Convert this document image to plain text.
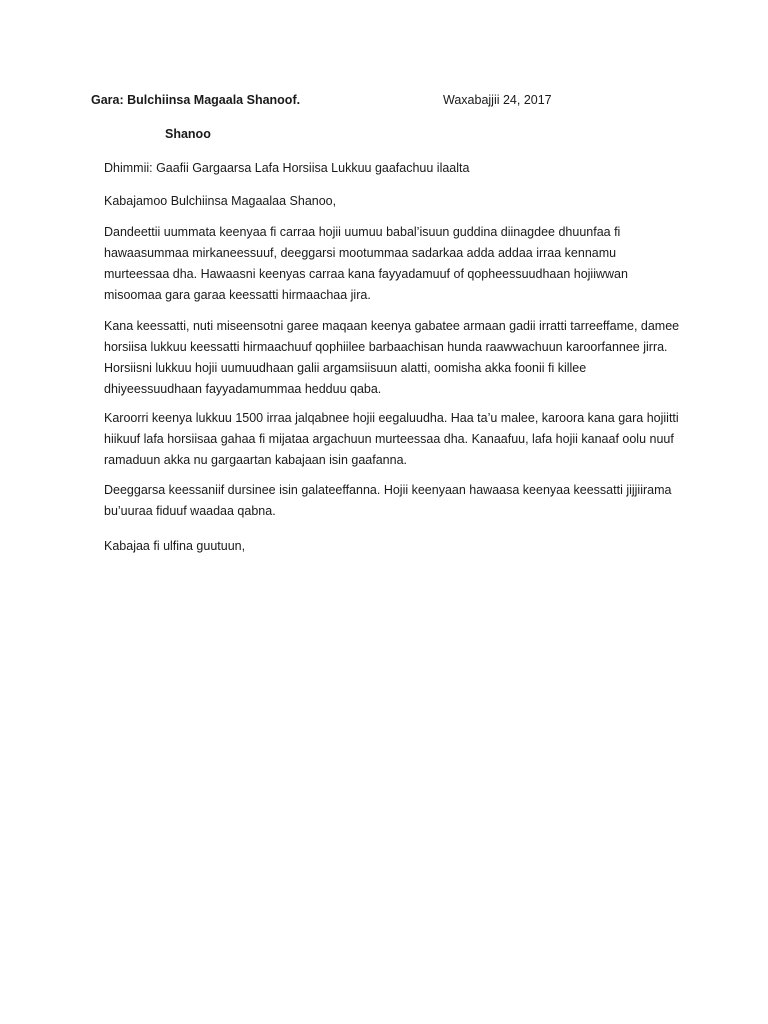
Gara: Bulchiinsa Magaala Shanoof.	Waxabajjii 24, 2017
Shanoo
Dhimmii: Gaafii Gargaarsa Lafa Horsiisa Lukkuu gaafachuu ilaalta
Kabajamoo Bulchiinsa Magaalaa Shanoo,

Dandeettii uummata keenyaa fi carraa hojii uumuu babal’isuun guddina diinagdee dhuunfaa fi hawaasummaa mirkaneessuuf, deeggarsi mootummaa sadarkaa adda addaa irraa kennamu murteessaa dha. Hawaasni keenyas carraa kana fayyadamuuf of qopheessuudhaan hojiiwwan misoomaa gara garaa keessatti hirmaachaa jira.

Kana keessatti, nuti miseensotni garee maqaan keenya gabatee armaan gadii irratti tarreeffame, damee horsiisa lukkuu keessatti hirmaachuuf qophiilee barbaachisan hunda raawwachuun karoorfannee jirra. Horsiisni lukkuu hojii uumuudhaan galii argamsiisuun alatti, oomisha akka foonii fi killee dhiyeessuudhaan fayyadamummaa hedduu qaba.

Karoorri keenya lukkuu 1500 irraa jalqabnee hojii eegaluudha. Haa ta’u malee, karoora kana gara hojiitti hiikuuf lafa horsiisaa gahaa fi mijataa argachuun murteessaa dha. Kanaafuu, lafa hojii kanaaf oolu nuuf ramaduun akka nu gargaartan kabajaan isin gaafanna.

Deeggarsa keessaniif dursinee isin galateeffanna. Hojii keenyaan hawaasa keenyaa keessatti jijjiirama bu’uuraa fiduuf waadaa qabna.

Kabajaa fi ulfina guutuun,
